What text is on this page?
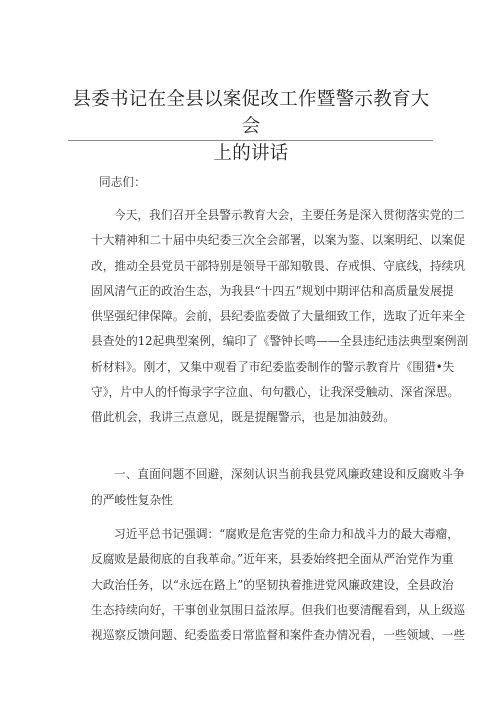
县委书记在全县以案促改工作暨警示教育大会
上的讲话
同志们：
今天，我们召开全县警示教育大会，主要任务是深入贯彻落实党的二
十大精神和二十届中央纪委三次全会部署，以案为鉴、以案明纪、以案促
改，推动全县党员干部特别是领导干部知敬畏、存戒惧、守底线，持续巩
固风清气正的政治生态，为我县“十四五”规划中期评估和高质量发展提
供坚强纪律保障。会前，县纪委监委做了大量细致工作，选取了近年来全
县查处的12起典型案例，编印了《警钟长鸣——全县违纪违法典型案例剖
析材料》。刚才，又集中观看了市纪委监委制作的警示教育片《围猎•失
守》，片中人的忏悔录字字泣血、句句戳心，让我深受触动、深省深思。
借此机会，我讲三点意见，既是提醒警示，也是加油鼓劲。
一、直面问题不回避，深刻认识当前我县党风廉政建设和反腐败斗争
的严峻性复杂性
习近平总书记强调：“腐败是危害党的生命力和战斗力的最大毒瘤，
反腐败是最彻底的自我革命。”近年来，县委始终把全面从严治党作为重
大政治任务，以“永远在路上”的坚韧执着推进党风廉政建设，全县政治
生态持续向好，干事创业氛围日益浓厚。但我们也要清醒看到，从上级巡
视巡察反馈问题、纪委监委日常监督和案件查办情况看，一些领域、一些
